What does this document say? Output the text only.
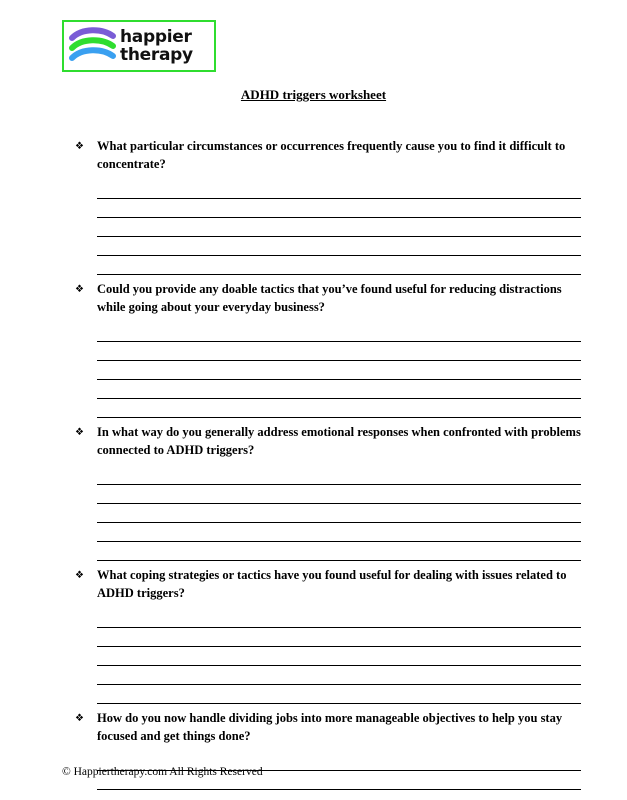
happier
therapy
ADHD triggers worksheet
❖ What particular circumstances or occurrences frequently cause you to find it difficult to concentrate?
❖ Could you provide any doable tactics that you’ve found useful for reducing distractions while going about your everyday business?
❖ In what way do you generally address emotional responses when confronted with problems connected to ADHD triggers?
❖ What coping strategies or tactics have you found useful for dealing with issues related to ADHD triggers?
❖ How do you now handle dividing jobs into more manageable objectives to help you stay focused and get things done?
© Happiertherapy.com All Rights Reserved
